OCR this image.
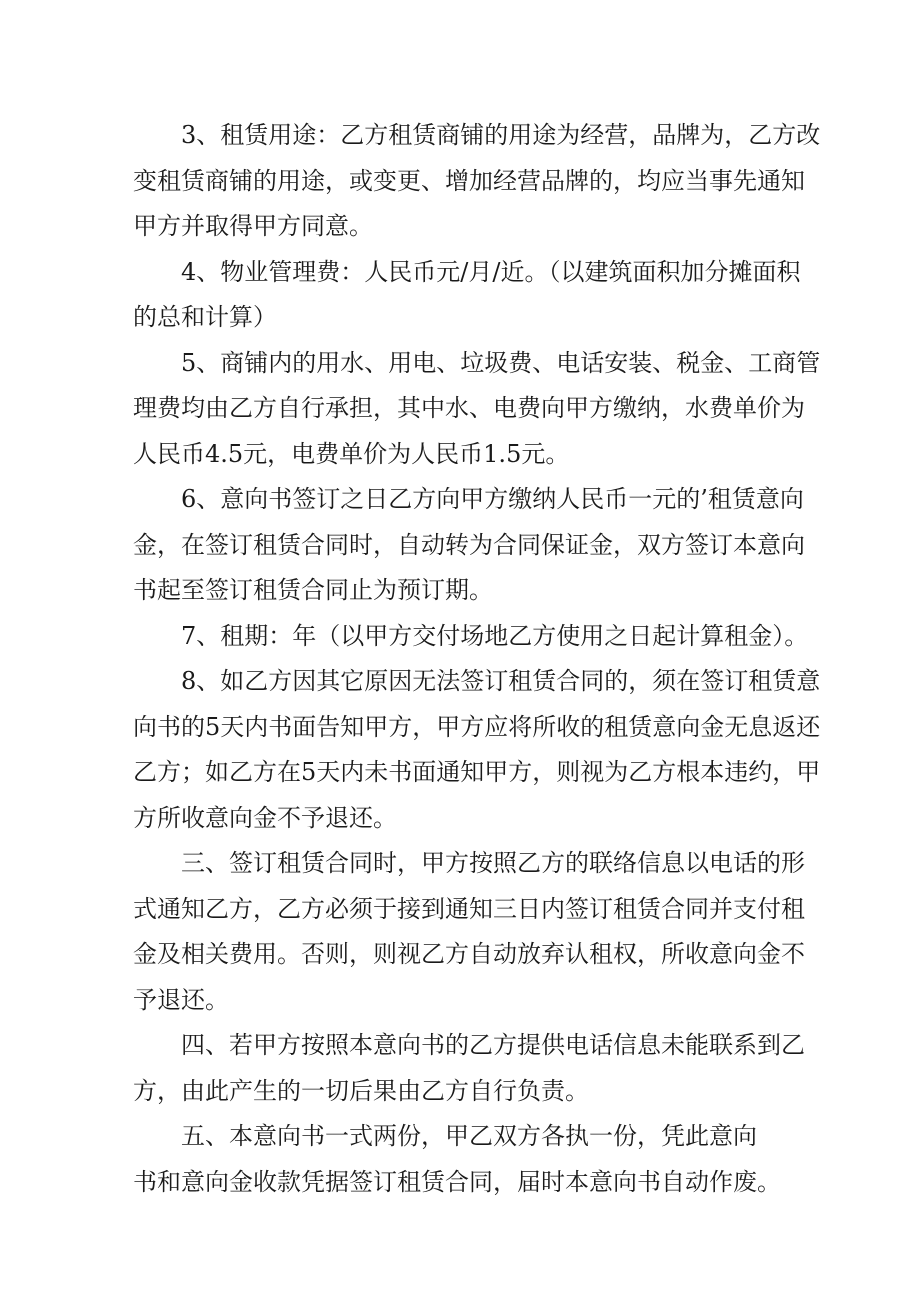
3、租赁用途：乙方租赁商铺的用途为经营，品牌为，乙方改
变租赁商铺的用途，或变更、增加经营品牌的，均应当事先通知
甲方并取得甲方同意。
4、物业管理费：人民币元/月/近。（以建筑面积加分摊面积
的总和计算）
5、商铺内的用水、用电、垃圾费、电话安装、税金、工商管
理费均由乙方自行承担，其中水、电费向甲方缴纳，水费单价为
人民币4.5元，电费单价为人民币1.5元。
6、意向书签订之日乙方向甲方缴纳人民币一元的’租赁意向
金，在签订租赁合同时，自动转为合同保证金，双方签订本意向
书起至签订租赁合同止为预订期。
7、租期：年（以甲方交付场地乙方使用之日起计算租金）。
8、如乙方因其它原因无法签订租赁合同的，须在签订租赁意
向书的5天内书面告知甲方，甲方应将所收的租赁意向金无息返还
乙方；如乙方在5天内未书面通知甲方，则视为乙方根本违约，甲
方所收意向金不予退还。
三、签订租赁合同时，甲方按照乙方的联络信息以电话的形
式通知乙方，乙方必须于接到通知三日内签订租赁合同并支付租
金及相关费用。否则，则视乙方自动放弃认租权，所收意向金不
予退还。
四、若甲方按照本意向书的乙方提供电话信息未能联系到乙
方，由此产生的一切后果由乙方自行负责。
五、本意向书一式两份，甲乙双方各执一份，凭此意向
书和意向金收款凭据签订租赁合同，届时本意向书自动作废。
